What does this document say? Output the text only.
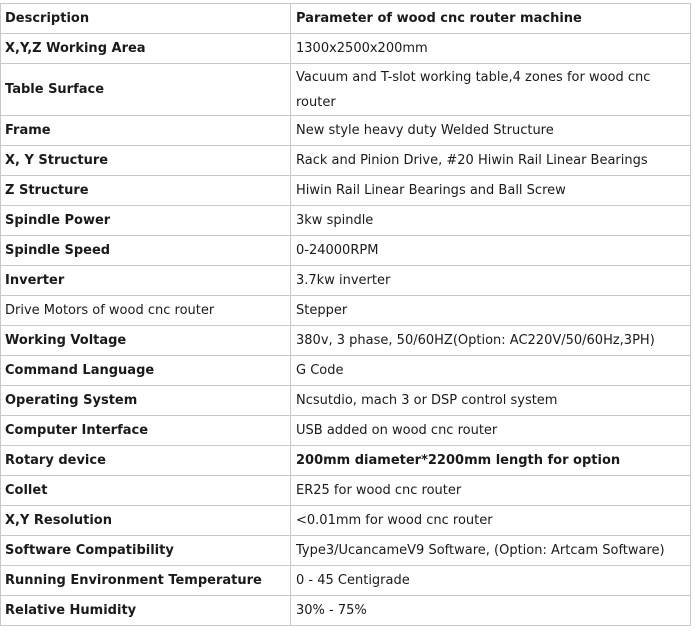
Description	Parameter of wood cnc router machine
X,Y,Z Working Area	1300x2500x200mm
Table Surface	Vacuum and T-slot working table,4 zones for wood cnc router
Frame	New style heavy duty Welded Structure
X, Y Structure	Rack and Pinion Drive, #20 Hiwin Rail Linear Bearings
Z Structure	Hiwin Rail Linear Bearings and Ball Screw
Spindle Power	3kw spindle
Spindle Speed	0-24000RPM
Inverter	3.7kw inverter
Drive Motors of wood cnc router	Stepper
Working Voltage	380v, 3 phase, 50/60HZ(Option: AC220V/50/60Hz,3PH)
Command Language	G Code
Operating System	Ncsutdio, mach 3 or DSP control system
Computer Interface	USB added on wood cnc router
Rotary device	200mm diameter*2200mm length for option
Collet	ER25 for wood cnc router
X,Y Resolution	<0.01mm for wood cnc router
Software Compatibility	Type3/UcancameV9 Software, (Option: Artcam Software)
Running Environment Temperature	0 - 45 Centigrade
Relative Humidity	30% - 75%
